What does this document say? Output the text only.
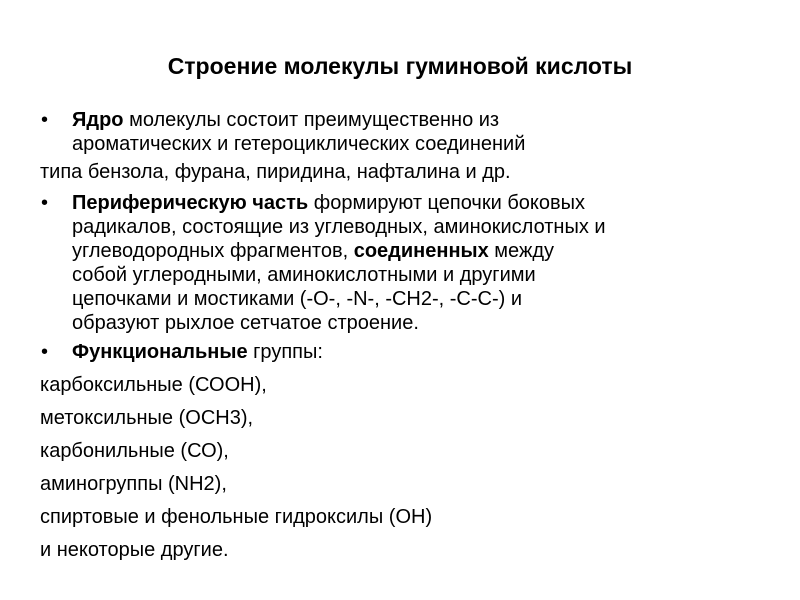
Строение молекулы гуминовой кислоты
• Ядро молекулы состоит преимущественно из
ароматических и гетероциклических соединений
типа бензола, фурана, пиридина, нафталина и др.
• Периферическую часть формируют цепочки боковых
радикалов, состоящие из углеводных, аминокислотных и
углеводородных фрагментов, соединенных между
собой углеродными, аминокислотными и другими
цепочками и мостиками (-О-, -N-, -СН2-, -С-С-) и
образуют рыхлое сетчатое строение.
• Функциональные группы:
карбоксильные (СООН),
метоксильные (ОСН3),
карбонильные (СО),
аминогруппы (NH2),
спиртовые и фенольные гидроксилы (ОН)
и некоторые другие.
